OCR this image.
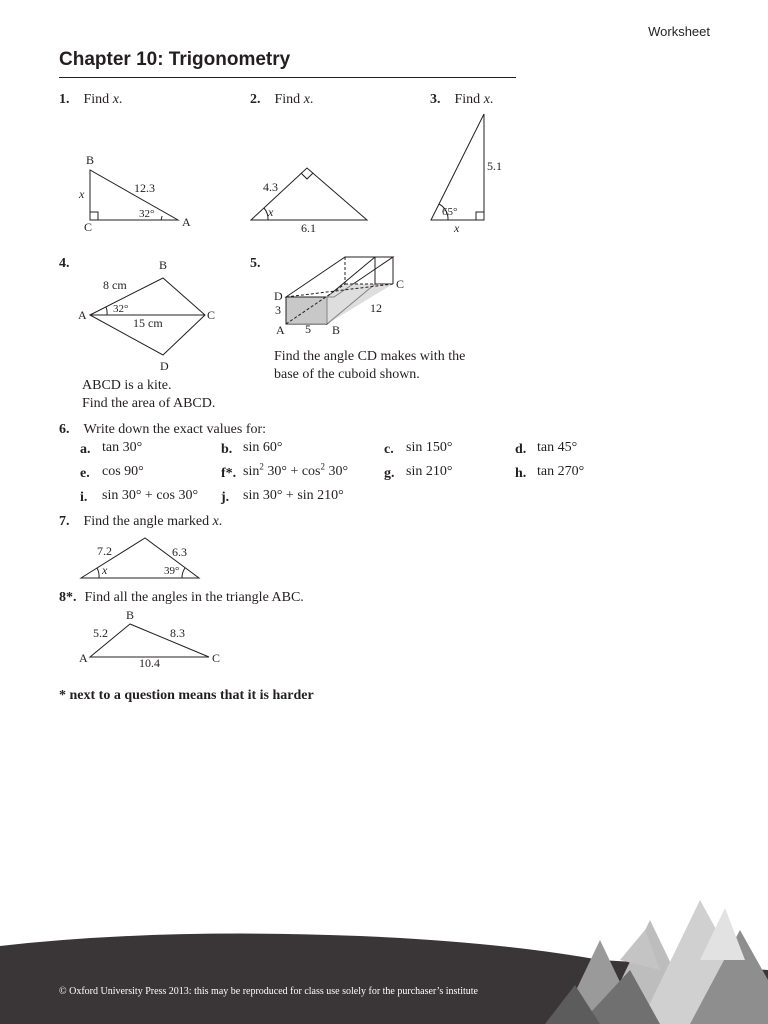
Worksheet
Chapter 10: Trigonometry
1. Find x.
B
C	A
x	12.3
32°
2. Find x.
4.3
x
6.1
3. Find x.
5.1
65°
x
4.	B
A	C
D
8 cm
32°
15 cm
ABCD is a kite.
Find the area of ABCD.
5.
D
C
A	B
3
5
12
Find the angle CD makes with the
base of the cuboid shown.
6. Write down the exact values for:
a. tan 30°	b. sin 60°	c. sin 150°	d. tan 45°
e. cos 90°	f*. $\sin^2 30^\circ + \cos^2 30^\circ$	g. sin 210°	h. tan 270°
i. sin 30° + cos 30° j. sin 30° + sin 210°
7. Find the angle marked x.
7.2	6.3
x	39°
8*. Find all the angles in the triangle ABC.
B
A	C
5.2	8.3
10.4
* next to a question means that it is harder
© Oxford University Press 2013: this may be reproduced for class use solely for the purchaser’s institute
